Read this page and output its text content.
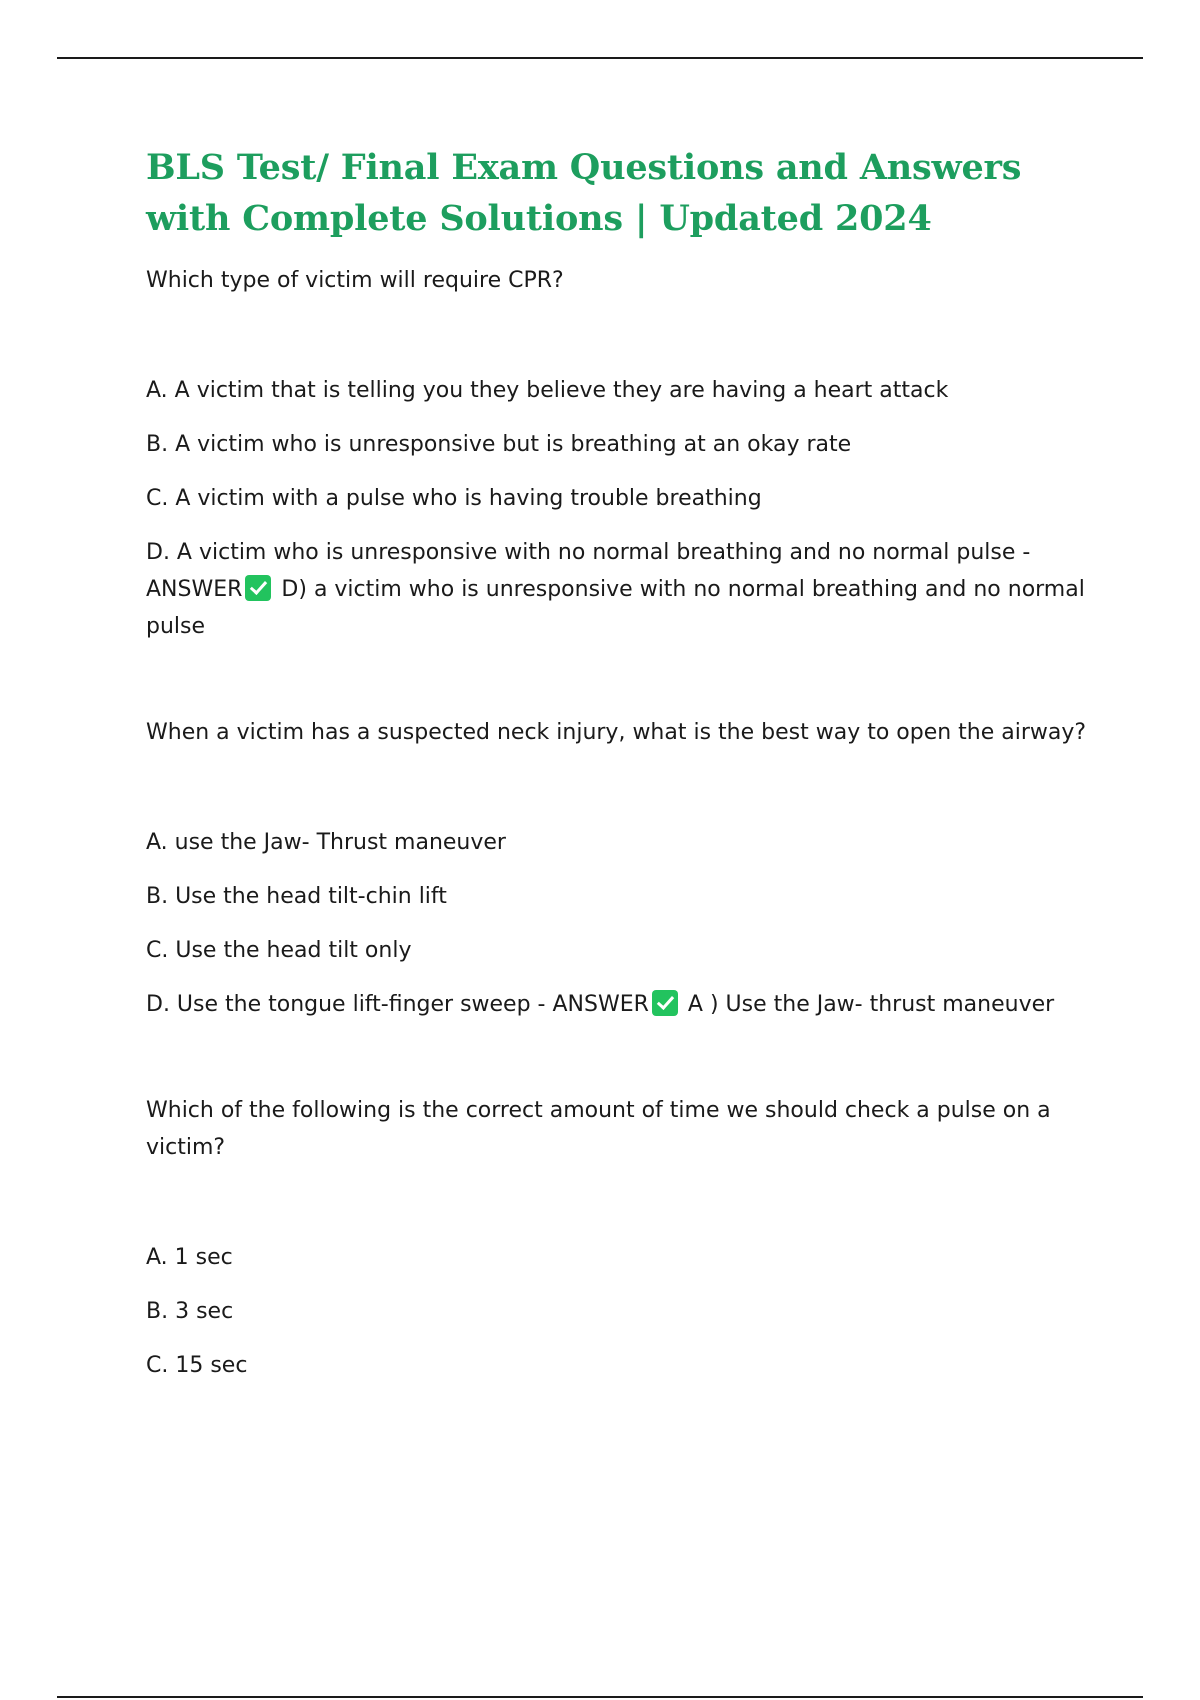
BLS Test/ Final Exam Questions and Answers with Complete Solutions | Updated 2024

Which type of victim will require CPR?

A. A victim that is telling you they believe they are having a heart attack

B. A victim who is unresponsive but is breathing at an okay rate

C. A victim with a pulse who is having trouble breathing

D. A victim who is unresponsive with no normal breathing and no normal pulse - ANSWER D) a victim who is unresponsive with no normal breathing and no normal pulse

When a victim has a suspected neck injury, what is the best way to open the airway?

A. use the Jaw- Thrust maneuver

B. Use the head tilt-chin lift

C. Use the head tilt only

D. Use the tongue lift-finger sweep - ANSWER A ) Use the Jaw- thrust maneuver

Which of the following is the correct amount of time we should check a pulse on a victim?

A. 1 sec

B. 3 sec

C. 15 sec
